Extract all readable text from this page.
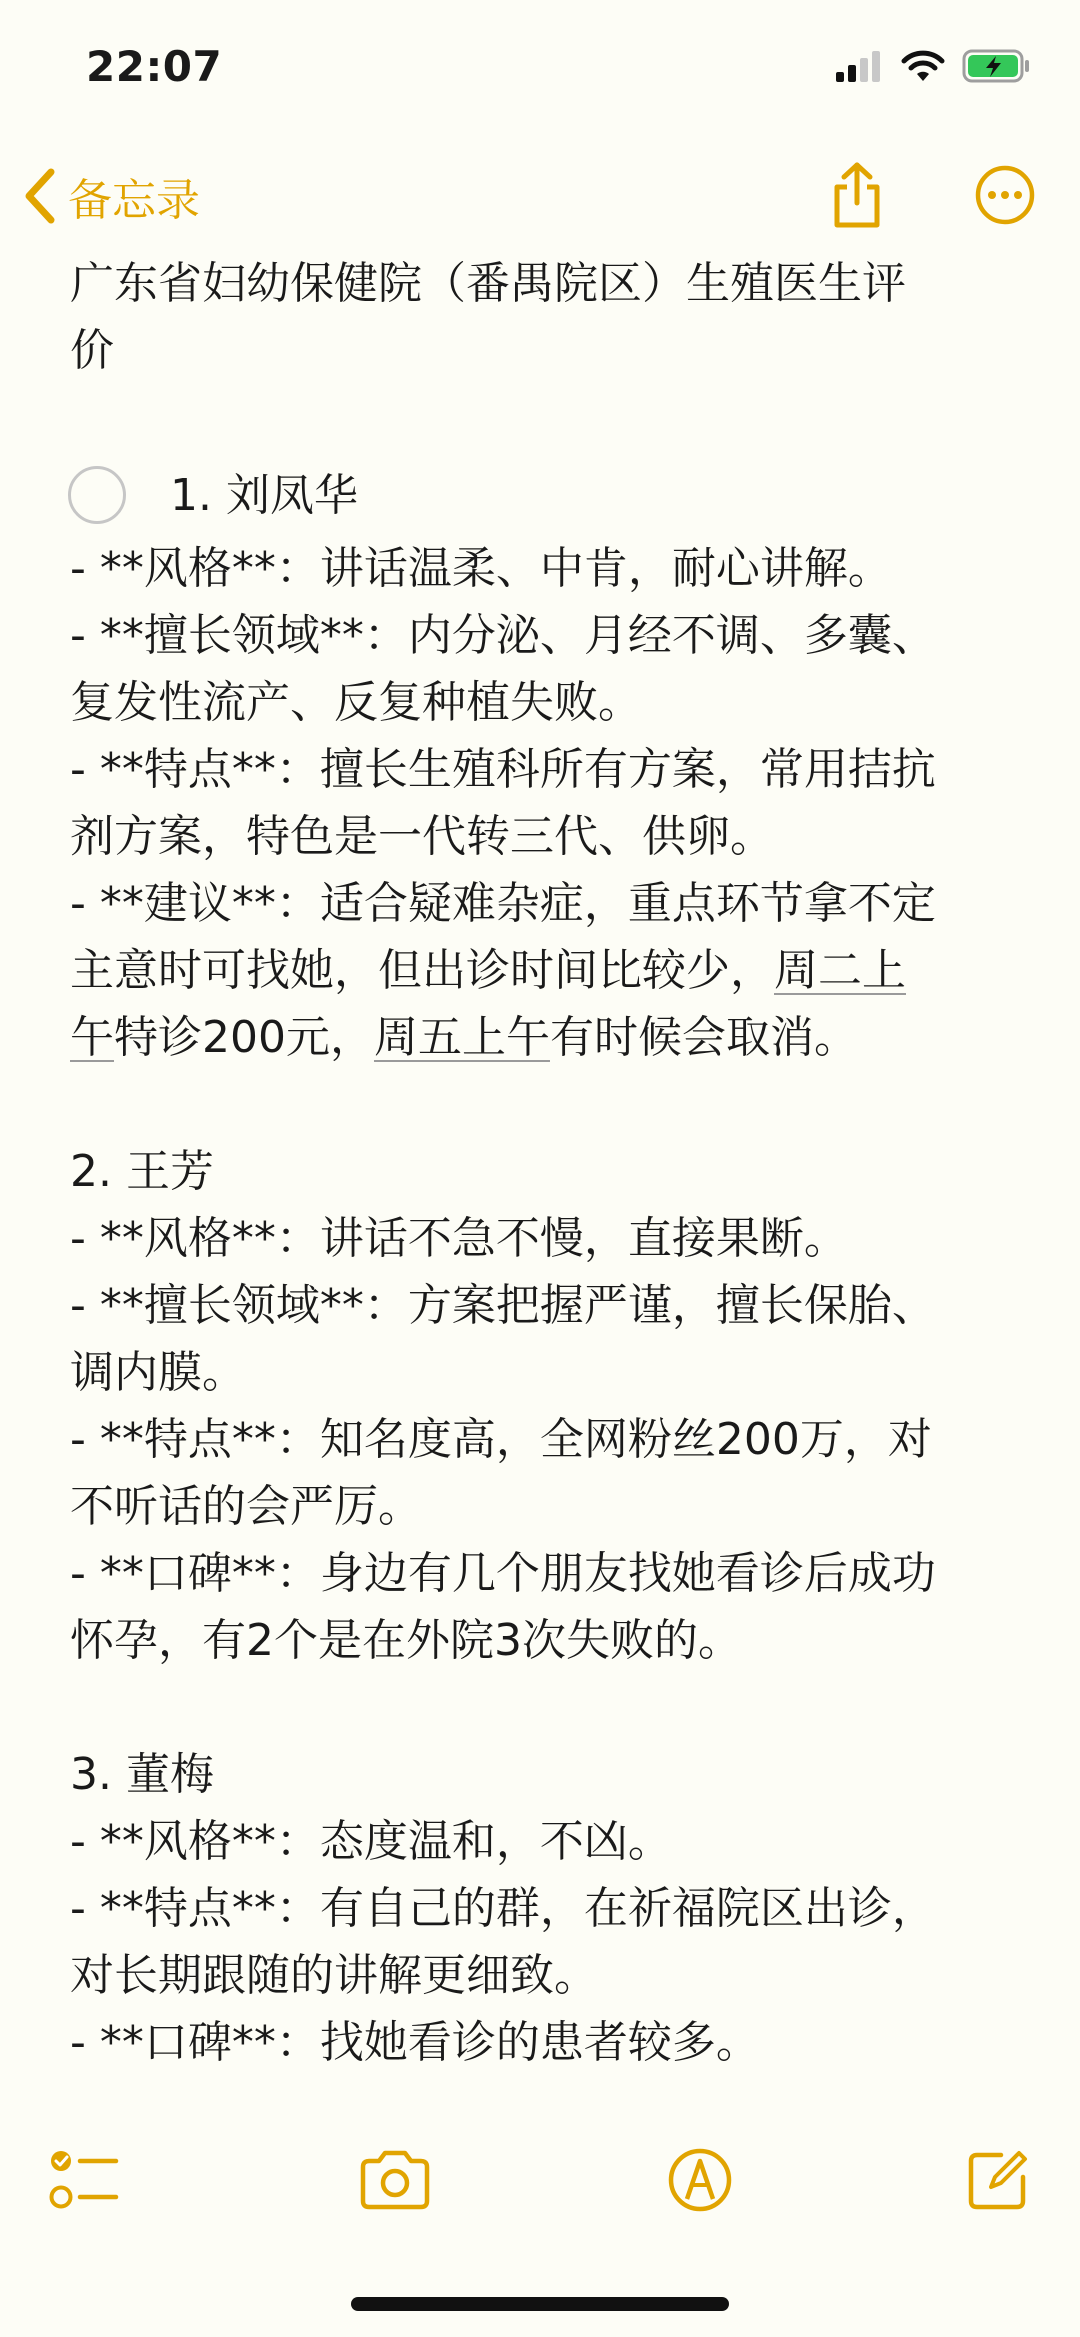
22:07
备忘录
广东省妇幼保健院（番禺院区）生殖医生评
价
1. 刘凤华
- **风格**：讲话温柔、中肯，耐心讲解。
- **擅长领域**：内分泌、月经不调、多囊、
复发性流产、反复种植失败。
- **特点**：擅长生殖科所有方案，常用拮抗
剂方案，特色是一代转三代、供卵。
- **建议**：适合疑难杂症，重点环节拿不定
主意时可找她，但出诊时间比较少，周二上
午特诊200元，周五上午有时候会取消。
2. 王芳
- **风格**：讲话不急不慢，直接果断。
- **擅长领域**：方案把握严谨，擅长保胎、
调内膜。
- **特点**：知名度高，全网粉丝200万，对
不听话的会严厉。
- **口碑**：身边有几个朋友找她看诊后成功
怀孕，有2个是在外院3次失败的。
3. 董梅
- **风格**：态度温和，不凶。
- **特点**：有自己的群，在祈福院区出诊，
对长期跟随的讲解更细致。
- **口碑**：找她看诊的患者较多。
